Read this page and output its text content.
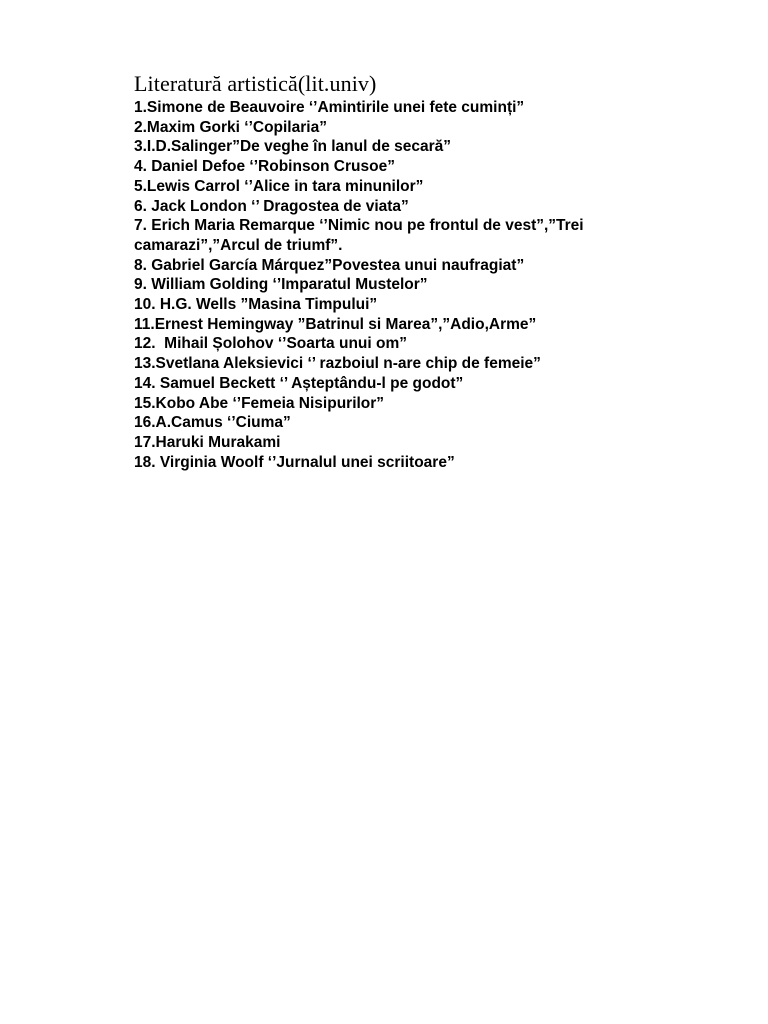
Literatură artistică(lit.univ)
1.Simone de Beauvoire ‘’Amintirile unei fete cuminți”
2.Maxim Gorki ‘’Copilaria”
3.I.D.Salinger”De veghe în lanul de secară”
4. Daniel Defoe ‘’Robinson Crusoe”
5.Lewis Carrol ‘’Alice in tara minunilor”
6. Jack London ‘’ Dragostea de viata”
7. Erich Maria Remarque ‘’Nimic nou pe frontul de vest”,”Trei camarazi”,”Arcul de triumf”.
8. Gabriel García Márquez”Povestea unui naufragiat”
9. William Golding ‘’Imparatul Mustelor”
10. H.G. Wells ”Masina Timpului”
11.Ernest Hemingway ”Batrinul si Marea”,”Adio,Arme”
12.  Mihail Șolohov ‘’Soarta unui om”
13.Svetlana Aleksievici ‘’ razboiul n-are chip de femeie”
14. Samuel Beckett ‘’ Așteptându-l pe godot”
15.Kobo Abe ‘’Femeia Nisipurilor”
16.A.Camus ‘’Ciuma”
17.Haruki Murakami
18. Virginia Woolf ‘’Jurnalul unei scriitoare”
